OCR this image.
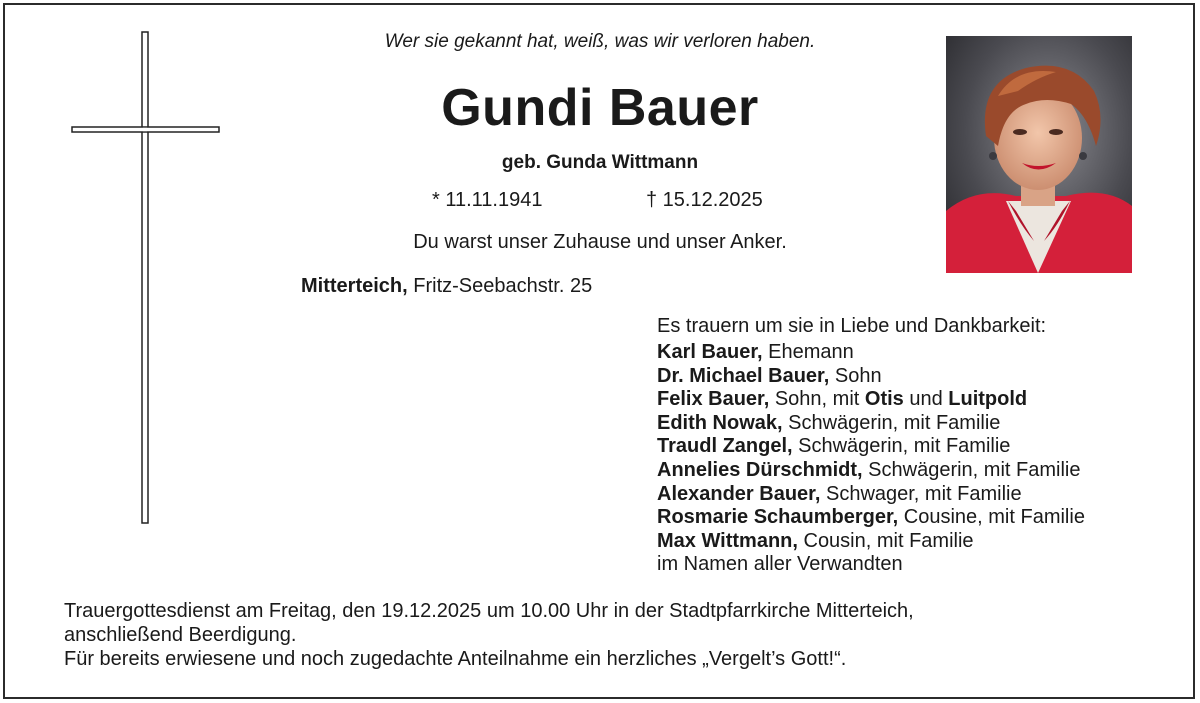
Wer sie gekannt hat, weiß, was wir verloren haben.
Gundi Bauer
geb. Gunda Wittmann
* 11.11.1941	† 15.12.2025
Du warst unser Zuhause und unser Anker.
Mitterteich, Fritz-Seebachstr. 25
Es trauern um sie in Liebe und Dankbarkeit:
Karl Bauer, Ehemann
Dr. Michael Bauer, Sohn
Felix Bauer, Sohn, mit Otis und Luitpold
Edith Nowak, Schwägerin, mit Familie
Traudl Zangel, Schwägerin, mit Familie
Annelies Dürschmidt, Schwägerin, mit Familie
Alexander Bauer, Schwager, mit Familie
Rosmarie Schaumberger, Cousine, mit Familie
Max Wittmann, Cousin, mit Familie
im Namen aller Verwandten
Trauergottesdienst am Freitag, den 19.12.2025 um 10.00 Uhr in der Stadtpfarrkirche Mitterteich,
anschließend Beerdigung.
Für bereits erwiesene und noch zugedachte Anteilnahme ein herzliches „Vergelt’s Gott!“.
